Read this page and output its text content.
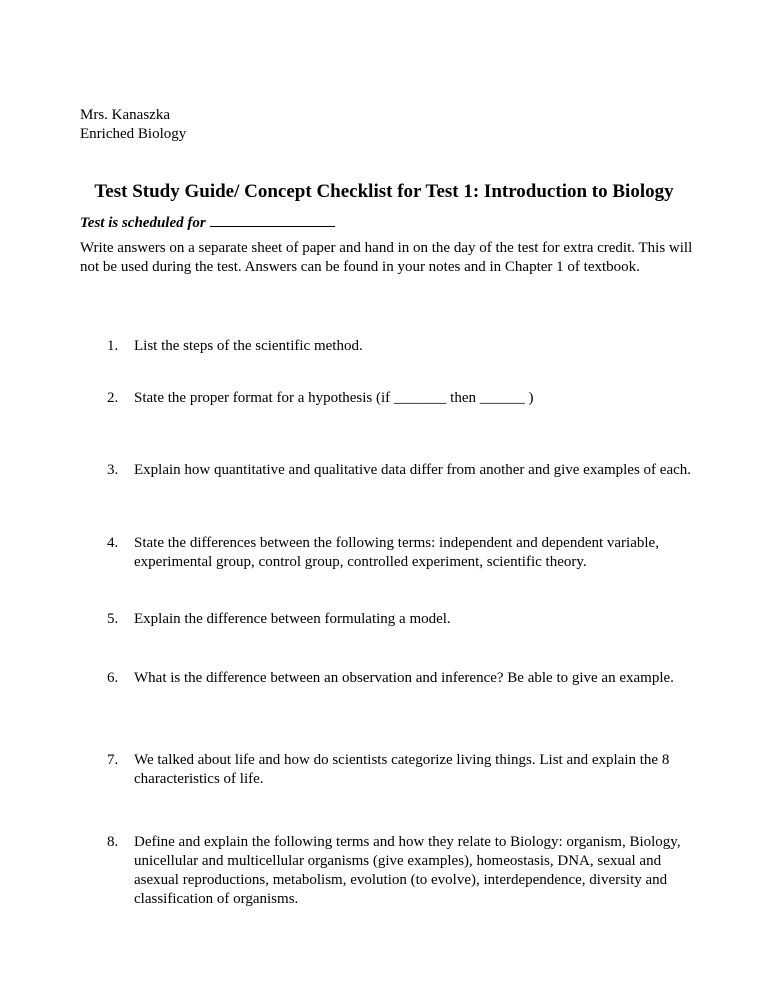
Mrs. Kanaszka
Enriched Biology
Test Study Guide/ Concept Checklist for Test 1: Introduction to Biology
Test is scheduled for
Write answers on a separate sheet of paper and hand in on the day of the test for extra credit. This will not be used during the test. Answers can be found in your notes and in Chapter 1 of textbook.
1. List the steps of the scientific method.
2. State the proper format for a hypothesis (if _______ then ______ )
3. Explain how quantitative and qualitative data differ from another and give examples of each.
4. State the differences between the following terms: independent and dependent variable, experimental group, control group, controlled experiment, scientific theory.
5. Explain the difference between formulating a model.
6. What is the difference between an observation and inference? Be able to give an example.
7. We talked about life and how do scientists categorize living things. List and explain the 8 characteristics of life.
8. Define and explain the following terms and how they relate to Biology: organism, Biology, unicellular and multicellular organisms (give examples), homeostasis, DNA, sexual and asexual reproductions, metabolism, evolution (to evolve), interdependence, diversity and classification of organisms.
